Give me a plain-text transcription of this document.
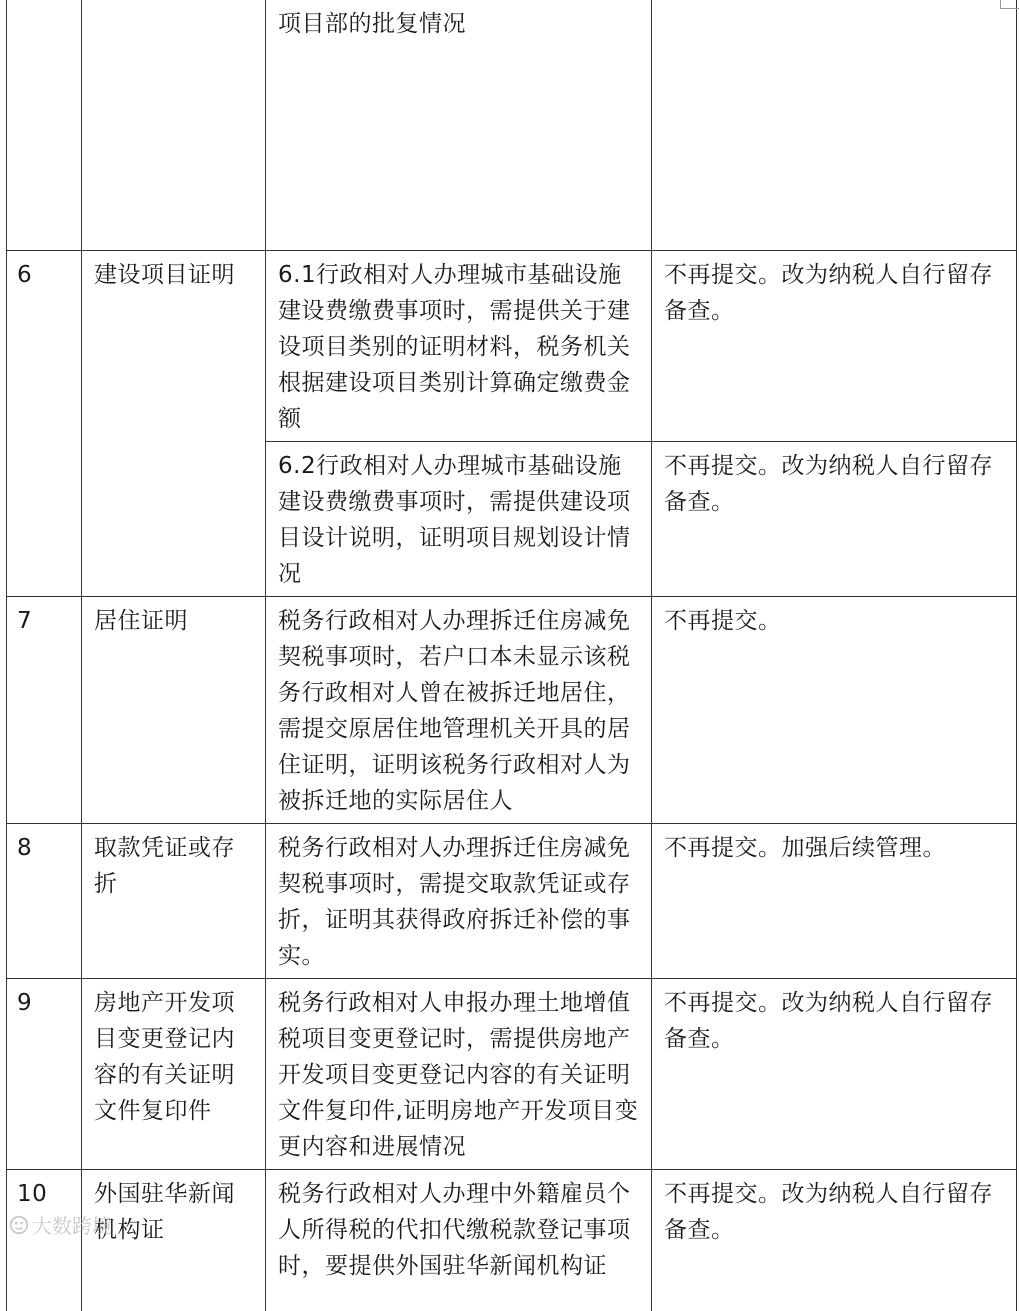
		项目部的批复情况	

6	建设项目证明	6.1行政相对人办理城市基础设施建设费缴费事项时，需提供关于建设项目类别的证明材料，税务机关根据建设项目类别计算确定缴费金额	不再提交。改为纳税人自行留存备查。

		6.2行政相对人办理城市基础设施建设费缴费事项时，需提供建设项目设计说明，证明项目规划设计情况	不再提交。改为纳税人自行留存备查。

7	居住证明	税务行政相对人办理拆迁住房减免契税事项时，若户口本未显示该税务行政相对人曾在被拆迁地居住，需提交原居住地管理机关开具的居住证明，证明该税务行政相对人为被拆迁地的实际居住人	不再提交。

8	取款凭证或存折	税务行政相对人办理拆迁住房减免契税事项时，需提交取款凭证或存折，证明其获得政府拆迁补偿的事实。	不再提交。加强后续管理。

9	房地产开发项目变更登记内容的有关证明文件复印件	税务行政相对人申报办理土地增值税项目变更登记时，需提供房地产开发项目变更登记内容的有关证明文件复印件,证明房地产开发项目变更内容和进展情况	不再提交。改为纳税人自行留存备查。

10	外国驻华新闻机构证	税务行政相对人办理中外籍雇员个人所得税的代扣代缴税款登记事项时，要提供外国驻华新闻机构证	不再提交。改为纳税人自行留存备查。
大数跨境
